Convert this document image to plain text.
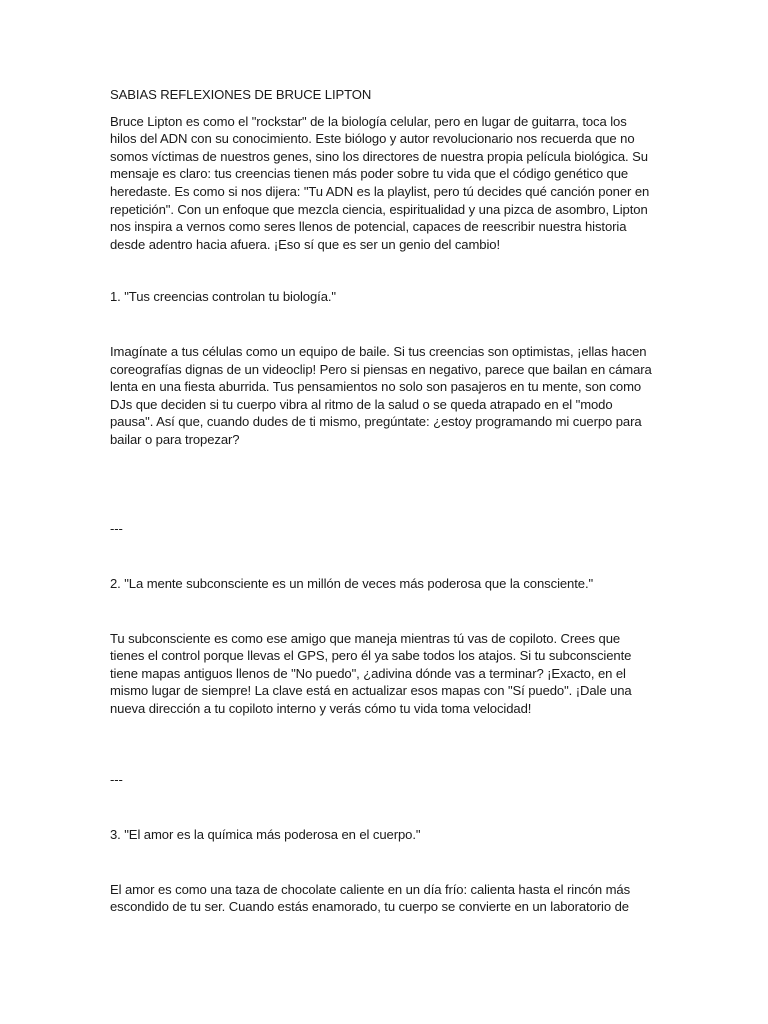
SABIAS REFLEXIONES DE BRUCE LIPTON

Bruce Lipton es como el "rockstar" de la biología celular, pero en lugar de guitarra, toca los hilos del ADN con su conocimiento. Este biólogo y autor revolucionario nos recuerda que no somos víctimas de nuestros genes, sino los directores de nuestra propia película biológica. Su mensaje es claro: tus creencias tienen más poder sobre tu vida que el código genético que heredaste. Es como si nos dijera: "Tu ADN es la playlist, pero tú decides qué canción poner en repetición". Con un enfoque que mezcla ciencia, espiritualidad y una pizca de asombro, Lipton nos inspira a vernos como seres llenos de potencial, capaces de reescribir nuestra historia desde adentro hacia afuera. ¡Eso sí que es ser un genio del cambio!

1. "Tus creencias controlan tu biología."

Imagínate a tus células como un equipo de baile. Si tus creencias son optimistas, ¡ellas hacen coreografías dignas de un videoclip! Pero si piensas en negativo, parece que bailan en cámara lenta en una fiesta aburrida. Tus pensamientos no solo son pasajeros en tu mente, son como DJs que deciden si tu cuerpo vibra al ritmo de la salud o se queda atrapado en el "modo pausa". Así que, cuando dudes de ti mismo, pregúntate: ¿estoy programando mi cuerpo para bailar o para tropezar?

---

2. "La mente subconsciente es un millón de veces más poderosa que la consciente."

Tu subconsciente es como ese amigo que maneja mientras tú vas de copiloto. Crees que tienes el control porque llevas el GPS, pero él ya sabe todos los atajos. Si tu subconsciente tiene mapas antiguos llenos de "No puedo", ¿adivina dónde vas a terminar? ¡Exacto, en el mismo lugar de siempre! La clave está en actualizar esos mapas con "Sí puedo". ¡Dale una nueva dirección a tu copiloto interno y verás cómo tu vida toma velocidad!

---

3. "El amor es la química más poderosa en el cuerpo."

El amor es como una taza de chocolate caliente en un día frío: calienta hasta el rincón más escondido de tu ser. Cuando estás enamorado, tu cuerpo se convierte en un laboratorio de
